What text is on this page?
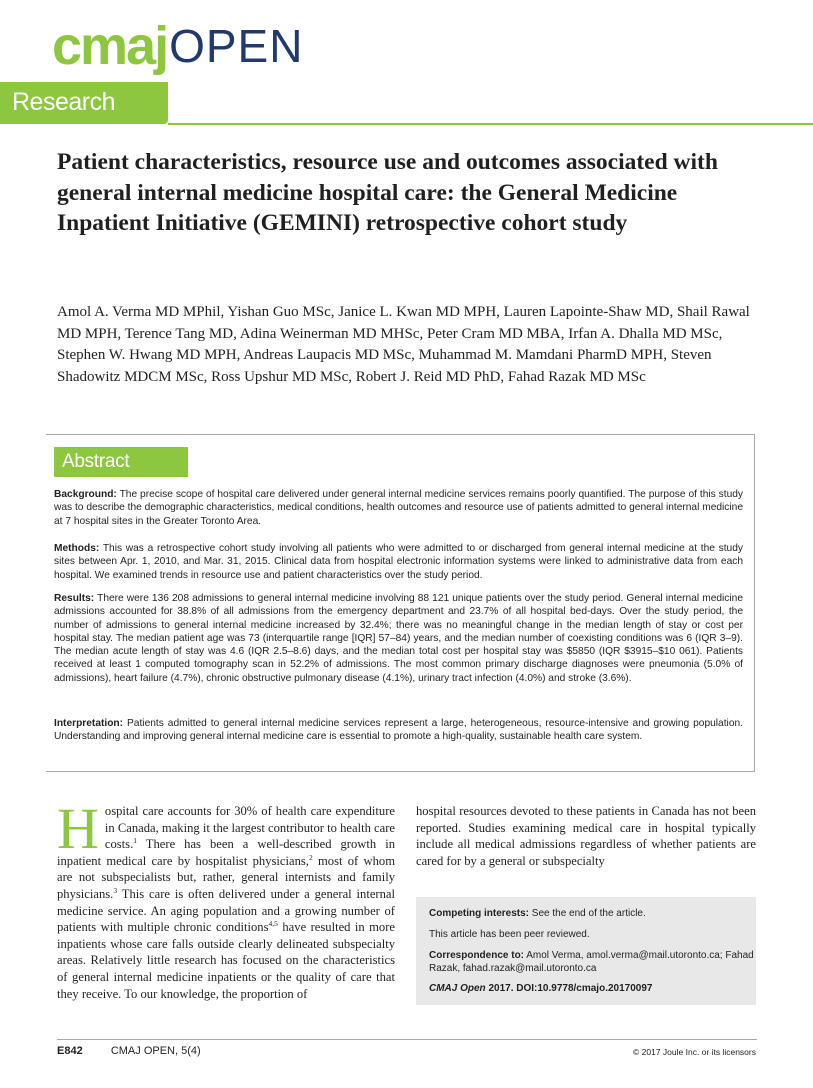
cmajOPEN
Research
Patient characteristics, resource use and outcomes associated with general internal medicine hospital care: the General Medicine Inpatient Initiative (GEMINI) retrospective cohort study
Amol A. Verma MD MPhil, Yishan Guo MSc, Janice L. Kwan MD MPH, Lauren Lapointe-Shaw MD, Shail Rawal MD MPH, Terence Tang MD, Adina Weinerman MD MHSc, Peter Cram MD MBA, Irfan A. Dhalla MD MSc, Stephen W. Hwang MD MPH, Andreas Laupacis MD MSc, Muhammad M. Mamdani PharmD MPH, Steven Shadowitz MDCM MSc, Ross Upshur MD MSc, Robert J. Reid MD PhD, Fahad Razak MD MSc
Abstract
Background: The precise scope of hospital care delivered under general internal medicine services remains poorly quantified. The purpose of this study was to describe the demographic characteristics, medical conditions, health outcomes and resource use of patients admitted to general internal medicine at 7 hospital sites in the Greater Toronto Area.
Methods: This was a retrospective cohort study involving all patients who were admitted to or discharged from general internal medicine at the study sites between Apr. 1, 2010, and Mar. 31, 2015. Clinical data from hospital electronic information systems were linked to administrative data from each hospital. We examined trends in resource use and patient characteristics over the study period.
Results: There were 136 208 admissions to general internal medicine involving 88 121 unique patients over the study period. General internal medicine admissions accounted for 38.8% of all admissions from the emergency department and 23.7% of all hospital bed-days. Over the study period, the number of admissions to general internal medicine increased by 32.4%; there was no meaningful change in the median length of stay or cost per hospital stay. The median patient age was 73 (interquartile range [IQR] 57–84) years, and the median number of coexisting conditions was 6 (IQR 3–9). The median acute length of stay was 4.6 (IQR 2.5–8.6) days, and the median total cost per hospital stay was $5850 (IQR $3915–$10 061). Patients received at least 1 computed tomography scan in 52.2% of admissions. The most common primary discharge diagnoses were pneumonia (5.0% of admissions), heart failure (4.7%), chronic obstructive pulmonary disease (4.1%), urinary tract infection (4.0%) and stroke (3.6%).
Interpretation: Patients admitted to general internal medicine services represent a large, heterogeneous, resource-intensive and growing population. Understanding and improving general internal medicine care is essential to promote a high-quality, sustainable health care system.
Hospital care accounts for 30% of health care expenditure in Canada, making it the largest contributor to health care costs.$^1$ There has been a well-described growth in inpatient medical care by hospitalist physicians,$^2$ most of whom are not subspecialists but, rather, general internists and family physicians.$^3$ This care is often delivered under a general internal medicine service. An aging population and a growing number of patients with multiple chronic conditions$^{4,5}$ have resulted in more inpatients whose care falls outside clearly delineated subspecialty areas. Relatively little research has focused on the characteristics of general internal medicine inpatients or the quality of care that they receive. To our knowledge, the proportion of
hospital resources devoted to these patients in Canada has not been reported. Studies examining medical care in hospital typically include all medical admissions regardless of whether patients are cared for by a general or subspecialty
Competing interests: See the end of the article.
This article has been peer reviewed.
Correspondence to: Amol Verma, amol.verma@mail.utoronto.ca; Fahad Razak, fahad.razak@mail.utoronto.ca
CMAJ Open 2017. DOI:10.9778/cmajo.20170097
E842	CMAJ OPEN, 5(4)	© 2017 Joule Inc. or its licensors
